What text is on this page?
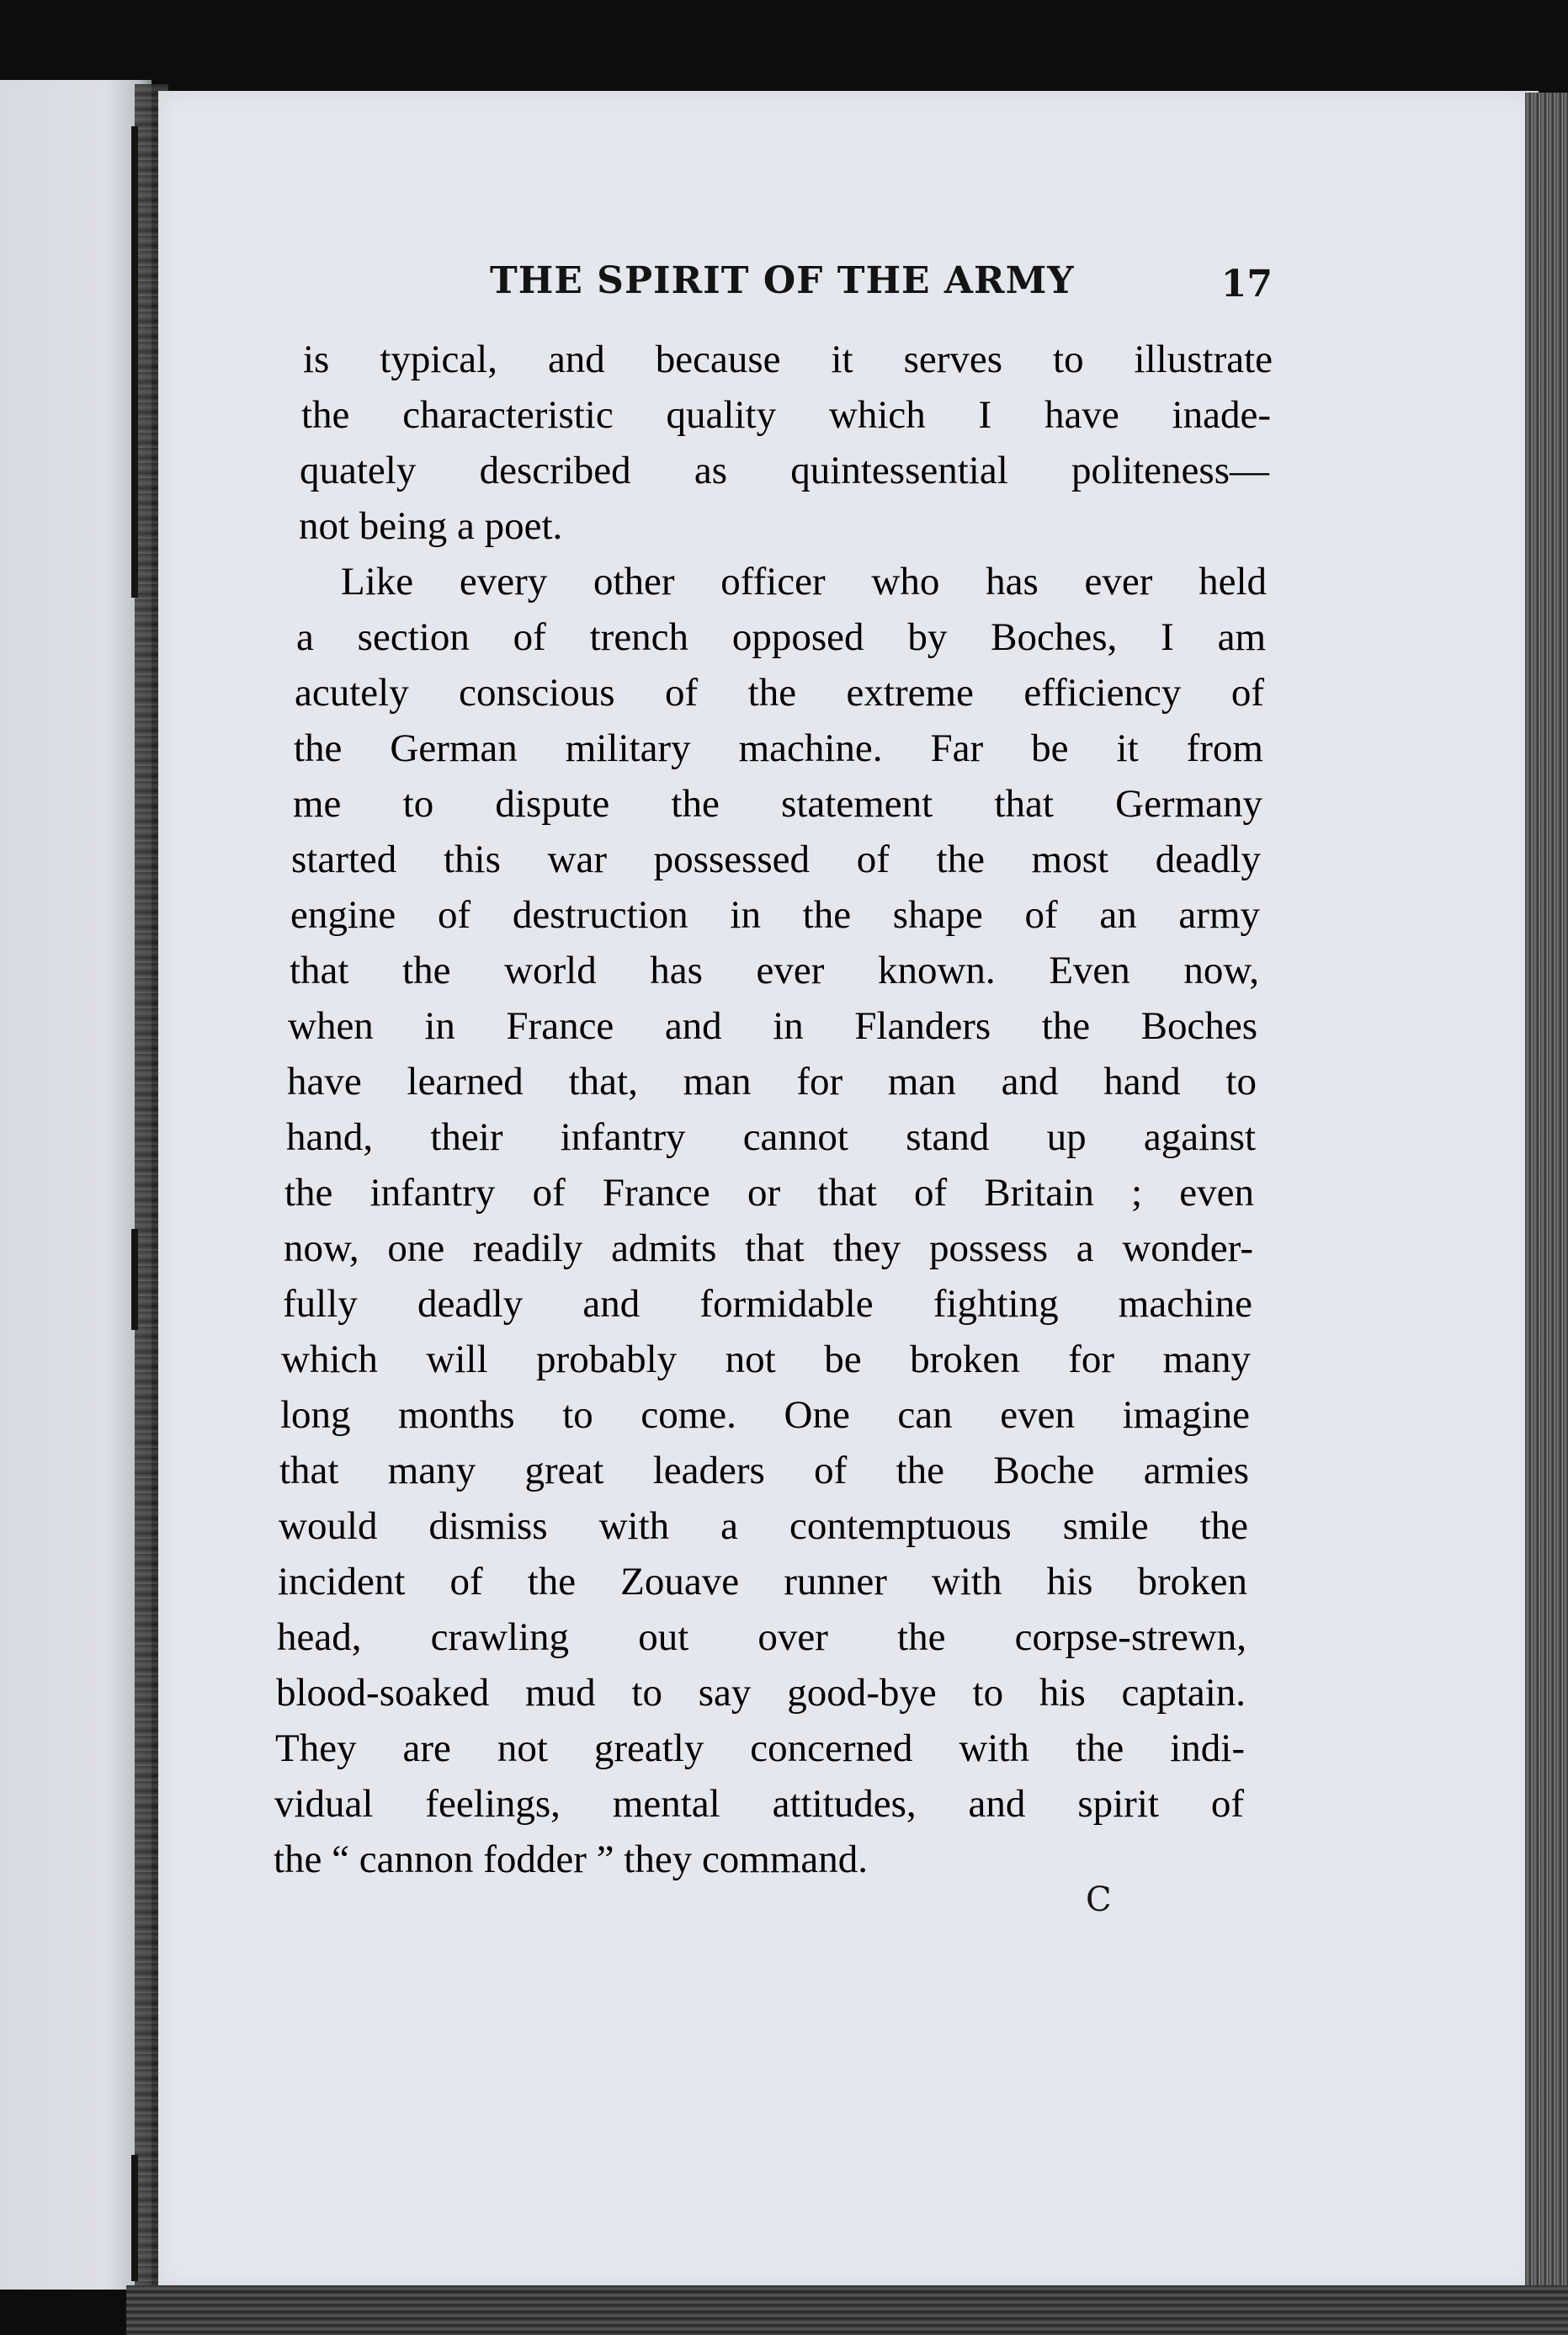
THE SPIRIT OF THE ARMY	17
is typical, and because it serves to illustrate
the characteristic quality which I have inade-
quately described as quintessential politeness—
not being a poet.
Like every other officer who has ever held
a section of trench opposed by Boches, I am
acutely conscious of the extreme efficiency of
the German military machine. Far be it from
me to dispute the statement that Germany
started this war possessed of the most deadly
engine of destruction in the shape of an army
that the world has ever known. Even now,
when in France and in Flanders the Boches
have learned that, man for man and hand to
hand, their infantry cannot stand up against
the infantry of France or that of Britain ; even
now, one readily admits that they possess a wonder-
fully deadly and formidable fighting machine
which will probably not be broken for many
long months to come. One can even imagine
that many great leaders of the Boche armies
would dismiss with a contemptuous smile the
incident of the Zouave runner with his broken
head, crawling out over the corpse-strewn,
blood-soaked mud to say good-bye to his captain.
They are not greatly concerned with the indi-
vidual feelings, mental attitudes, and spirit of
the “ cannon fodder ” they command.
C
